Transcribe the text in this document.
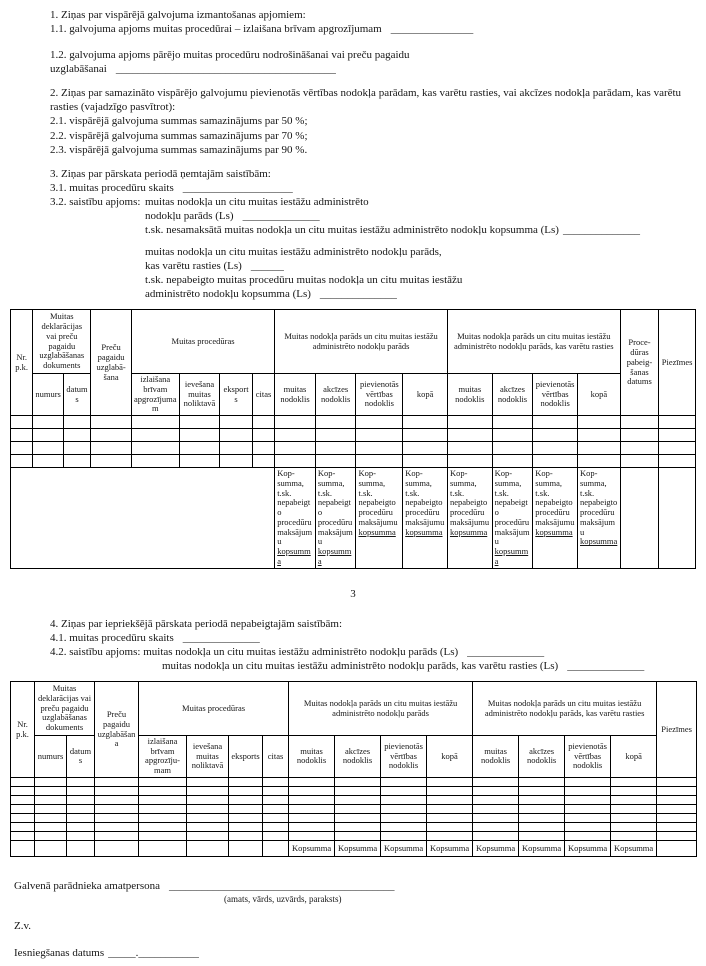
1. Ziņas par vispārējā galvojuma izmantošanas apjomiem:

1.1. galvojuma apjoms muitas procedūrai – izlaišana brīvam apgrozījumam _______________

1.2. galvojuma apjoms pārējo muitas procedūru nodrošināšanai vai preču pagaidu

uzglabāšanai ________________________________________

2. Ziņas par samazināto vispārējo galvojumu pievienotās vērtības nodokļa parādam, kas varētu rasties, vai akcīzes nodokļa parādam, kas varētu rasties (vajadzīgo pasvītrot):

2.1. vispārējā galvojuma summas samazinājums par 50 %;

2.2. vispārējā galvojuma summas samazinājums par 70 %;

2.3. vispārējā galvojuma summas samazinājums par 90 %.

3. Ziņas par pārskata periodā ņemtajām saistībām:

3.1. muitas procedūru skaits ____________________

3.2. saistību apjoms: muitas nodokļa un citu muitas iestāžu administrēto

nodokļu parāds (Ls) ______________

t.sk. nesamaksātā muitas nodokļa un citu muitas iestāžu administrēto nodokļu kopsumma (Ls) ______________

muitas nodokļa un citu muitas iestāžu administrēto nodokļu parāds,

kas varētu rasties (Ls) ______

t.sk. nepabeigto muitas procedūru muitas nodokļa un citu muitas iestāžu

administrēto nodokļu kopsumma (Ls) ______________

Nr. p.k.	Muitas deklarācijas vai preču pagaidu uzglabāšanas dokuments		Preču pagaidu uzglabā-šana	Muitas procedūras				Muitas nodokļa parāds un citu muitas iestāžu administrēto nodokļu parāds				Muitas nodokļa parāds un citu muitas iestāžu administrēto nodokļu parāds, kas varētu rasties				Proce-dūras pabeig-šanas datums	Piezīmes
	numurs	datums		izlaišana brīvam apgrozījumam	ievešana muitas noliktavā	eksports	citas	muitas nodoklis	akcīzes nodoklis	pievienotās vērtības nodoklis	kopā	muitas nodoklis	akcīzes nodoklis	pievienotās vērtības nodoklis	kopā		

								Kop-summa, t.sk. nepabeigto procedūru maksājumu kopsumma	Kop-summa, t.sk. nepabeigto procedūru maksājumu kopsumma	Kop-summa, t.sk. nepabeigto procedūru maksājumu kopsumma	Kop-summa, t.sk. nepabeigto procedūru maksājumu kopsumma	Kop-summa, t.sk. nepabeigto procedūru maksājumu kopsumma	Kop-summa, t.sk. nepabeigto procedūru maksājumu kopsumma	Kop-summa, t.sk. nepabeigto procedūru maksājumu kopsumma	Kop-summa, t.sk. nepabeigto procedūru maksājumu kopsumma		
3

4. Ziņas par iepriekšējā pārskata periodā nepabeigtajām saistībām:

4.1. muitas procedūru skaits ______________

4.2. saistību apjoms: muitas nodokļa un citu muitas iestāžu administrēto nodokļu parāds (Ls) ______________

muitas nodokļa un citu muitas iestāžu administrēto nodokļu parāds, kas varētu rasties (Ls) ______________

Nr. p.k.	Muitas deklarācijas vai preču pagaidu uzglabāšanas dokuments		Preču pagaidu uzglabāšana	Muitas procedūras				Muitas nodokļa parāds un citu muitas iestāžu administrēto nodokļu parāds				Muitas nodokļa parāds un citu muitas iestāžu administrēto nodokļu parāds, kas varētu rasties				Piezīmes
	numurs	datums		izlaišana brīvam apgrozīju-mam	ievešana muitas noliktavā	eksports	citas	muitas nodoklis	akcīzes nodoklis	pievienotās vērtības nodoklis	kopā	muitas nodoklis	akcīzes nodoklis	pievienotās vērtības nodoklis	kopā	

								Kopsumma	Kopsumma	Kopsumma	Kopsumma	Kopsumma	Kopsumma	Kopsumma	Kopsumma	

Galvenā parādnieka amatpersona _________________________________________

(amats, vārds, uzvārds, paraksts)

Z.v.

Iesniegšanas datums _____.___________
